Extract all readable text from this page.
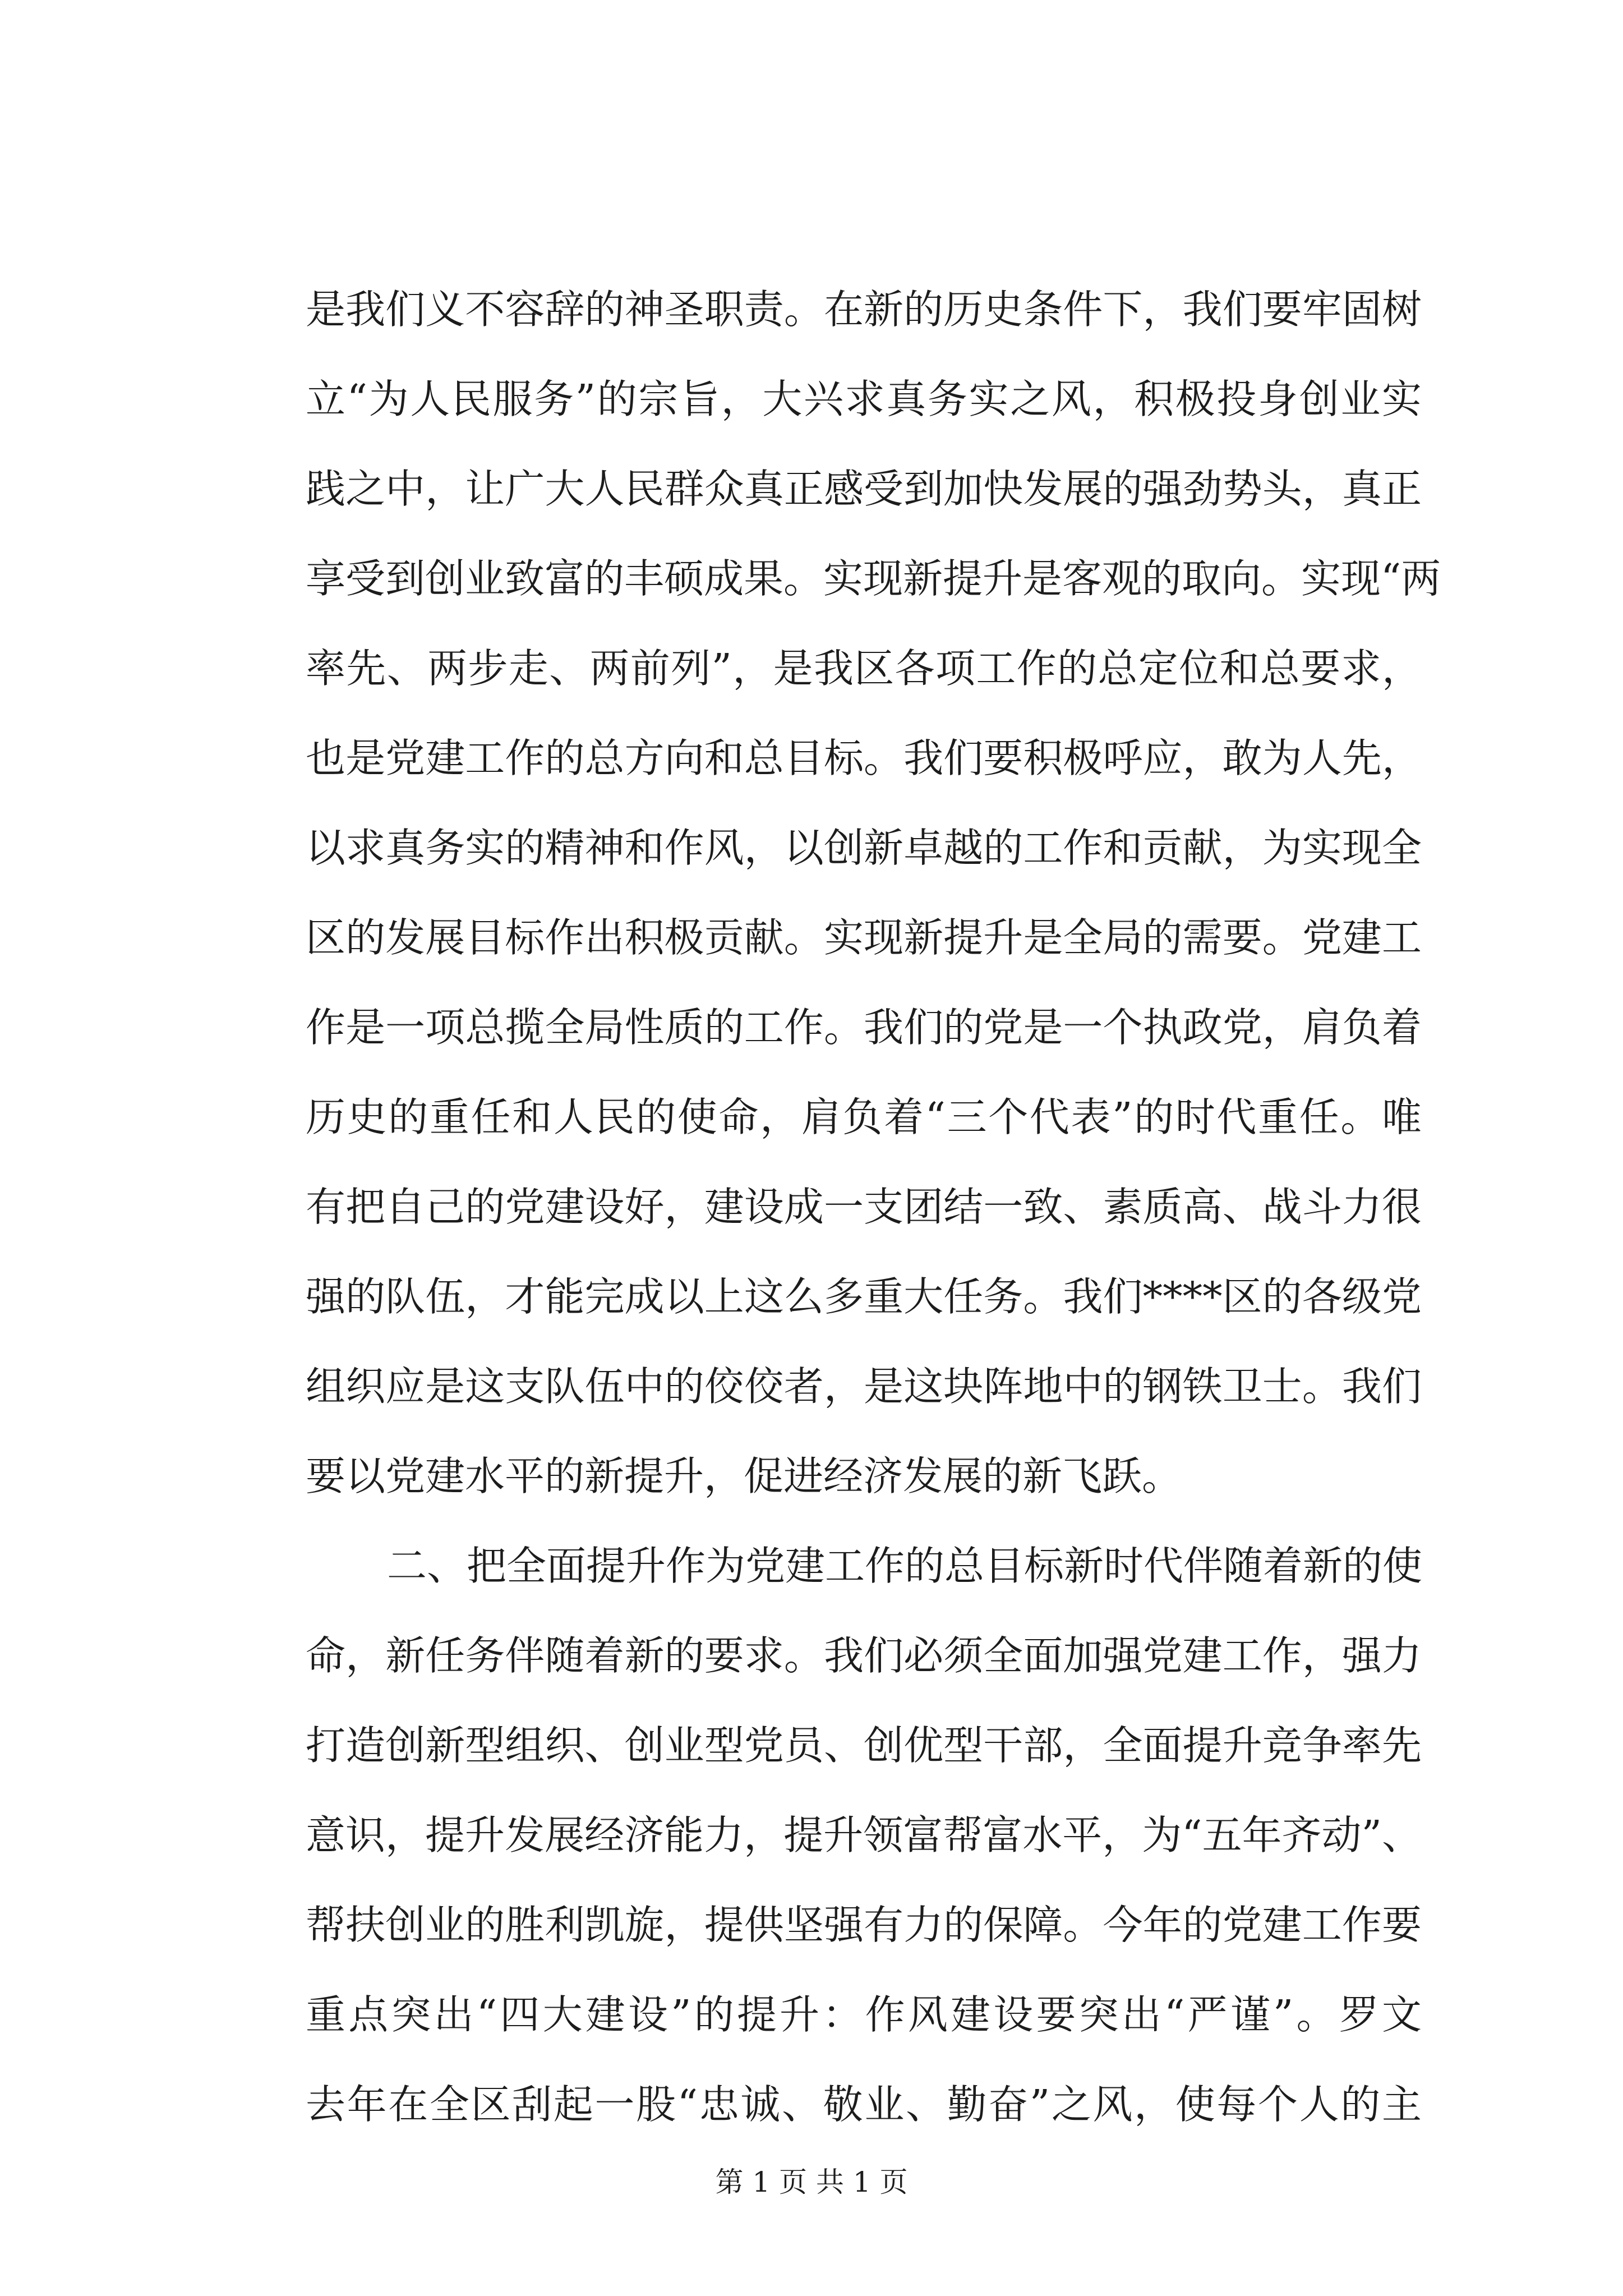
是我们义不容辞的神圣职责。在新的历史条件下，我们要牢固树
立“为人民服务”的宗旨，大兴求真务实之风，积极投身创业实
践之中，让广大人民群众真正感受到加快发展的强劲势头，真正
享受到创业致富的丰硕成果。实现新提升是客观的取向。实现“两
率先、两步走、两前列”，是我区各项工作的总定位和总要求，
也是党建工作的总方向和总目标。我们要积极呼应，敢为人先，
以求真务实的精神和作风，以创新卓越的工作和贡献，为实现全
区的发展目标作出积极贡献。实现新提升是全局的需要。党建工
作是一项总揽全局性质的工作。我们的党是一个执政党，肩负着
历史的重任和人民的使命，肩负着“三个代表”的时代重任。唯
有把自己的党建设好，建设成一支团结一致、素质高、战斗力很
强的队伍，才能完成以上这么多重大任务。我们****区的各级党
组织应是这支队伍中的佼佼者，是这块阵地中的钢铁卫士。我们
要以党建水平的新提升，促进经济发展的新飞跃。
二、把全面提升作为党建工作的总目标新时代伴随着新的使
命，新任务伴随着新的要求。我们必须全面加强党建工作，强力
打造创新型组织、创业型党员、创优型干部，全面提升竞争率先
意识，提升发展经济能力，提升领富帮富水平，为“五年齐动”、
帮扶创业的胜利凯旋，提供坚强有力的保障。今年的党建工作要
重点突出“四大建设”的提升：作风建设要突出“严谨”。罗文
去年在全区刮起一股“忠诚、敬业、勤奋”之风，使每个人的主
第 1 页 共 1 页
